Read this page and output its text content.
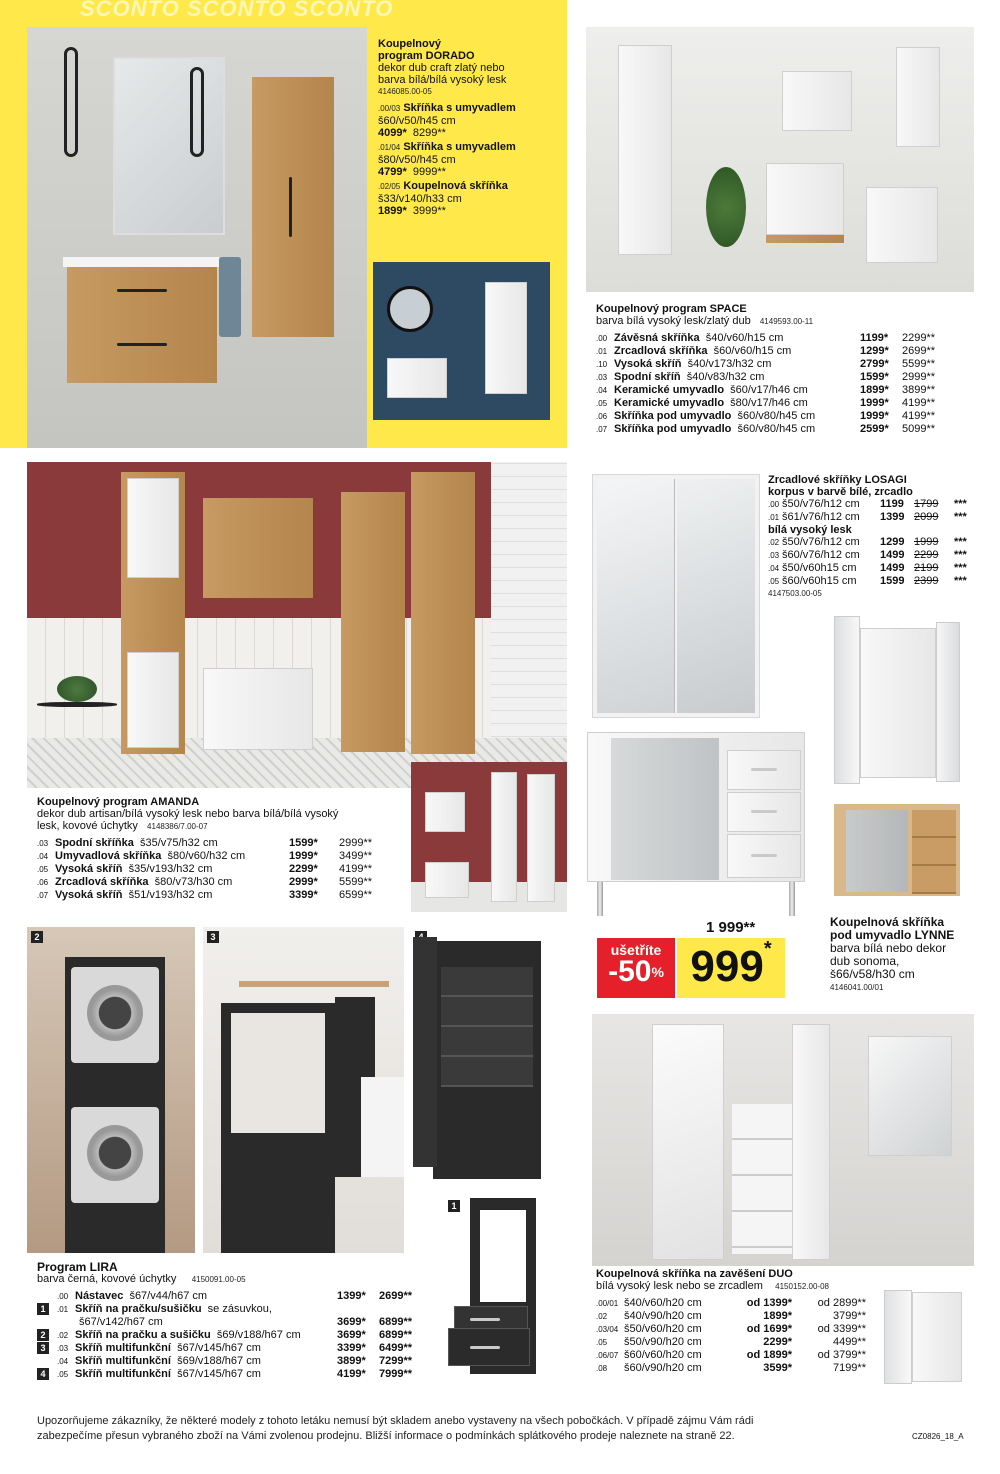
SCONTO SCONTO SCONTO
Koupelnový
program DORADO
dekor dub craft zlatý nebo
barva bílá/bílá vysoký lesk
4146085.00-05
.00/03 Skříňka s umyvadlem
š60/v50/h45 cm
4099* 8299**
.01/04 Skříňka s umyvadlem
š80/v50/h45 cm
4799* 9999**
.02/05 Koupelnová skříňka
š33/v140/h33 cm
1899* 3999**
Koupelnový program SPACE
barva bílá vysoký lesk/zlatý dub 4149593.00-11
.00 Závěsná skříňka  š40/v60/h15 cm	1199*	2299**
.01 Zrcadlová skříňka  š60/v60/h15 cm	1299*	2699**
.10 Vysoká skříň  š40/v173/h32 cm	2799*	5599**
.03 Spodní skříň  š40/v83/h32 cm	1599*	2999**
.04 Keramické umyvadlo  š60/v17/h46 cm	1899*	3899**
.05 Keramické umyvadlo  š80/v17/h46 cm	1999*	4199**
.06 Skříňka pod umyvadlo  š60/v80/h45 cm	1999*	4199**
.07 Skříňka pod umyvadlo  š60/v80/h45 cm	2599*	5099**
Koupelnový program AMANDA
dekor dub artisan/bílá vysoký lesk nebo barva bílá/bílá vysoký
lesk, kovové úchytky 4148386/7.00-07
.03 Spodní skříňka  š35/v75/h32 cm	1599*	2999**
.04 Umyvadlová skříňka  š80/v60/h32 cm	1999*	3499**
.05 Vysoká skříň  š35/v193/h32 cm	2299*	4199**
.06 Zrcadlová skříňka  š80/v73/h30 cm	2999*	5599**
.07 Vysoká skříň  š51/v193/h32 cm	3399*	6599**
Zrcadlové skříňky LOSAGI
korpus v barvě bílé, zrcadlo
.00 š50/v76/h12 cm	1199 1799	***
.01 š61/v76/h12 cm	1399 2099	***
bílá vysoký lesk
.02 š50/v76/h12 cm	1299 1999	***
.03 š60/v76/h12 cm	1499 2299	***
.04 š50/v60h15 cm	1499 2199	***
.05 š60/v60h15 cm	1599 2399	***
4147503.00-05
1 999**
ušetříte
-50% 999*
Koupelnová skříňka
pod umyvadlo LYNNE
barva bílá nebo dekor
dub sonoma,
š66/v58/h30 cm
4146041.00/01
2	3
1
Program LIRA
barva černá, kovové úchytky 4150091.00-05
.00 Nástavec  š67/v44/h67 cm	1399*	2699**
1	.01 Skříň na pračku/sušičku  se zásuvkou,
š67/v142/h67 cm	3699*	6899**
2	.02 Skříň na pračku a sušičku  š69/v188/h67 cm	3699*	6899**
3	.03 Skříň multifunkční  š67/v145/h67 cm	3399*	6499**
.04 Skříň multifunkční  š69/v188/h67 cm	3899*	7299**
4	.05 Skříň multifunkční  š67/v145/h67 cm	4199*	7999**
Koupelnová skříňka na zavěšení DUO
bílá vysoký lesk nebo se zrcadlem 4150152.00-08
.00/01 š40/v60/h20 cm	od 1399*	od 2899**
.02	š40/v90/h20 cm	1899*	3799**
.03/04 š50/v60/h20 cm	od 1699*	od 3399**
.05	š50/v90/h20 cm	2299*	4499**
.06/07 š60/v60/h20 cm	od 1899*	od 3799**
.08	š60/v90/h20 cm	3599*	7199**
Upozorňujeme zákazníky, že některé modely z tohoto letáku nemusí být skladem anebo vystaveny na všech pobočkách. V případě zájmu Vám rádi
zabezpečíme přesun vybraného zboží na Vámi zvolenou prodejnu. Bližší informace o podmínkách splátkového prodeje naleznete na straně 22.	CZ0826_18_A
